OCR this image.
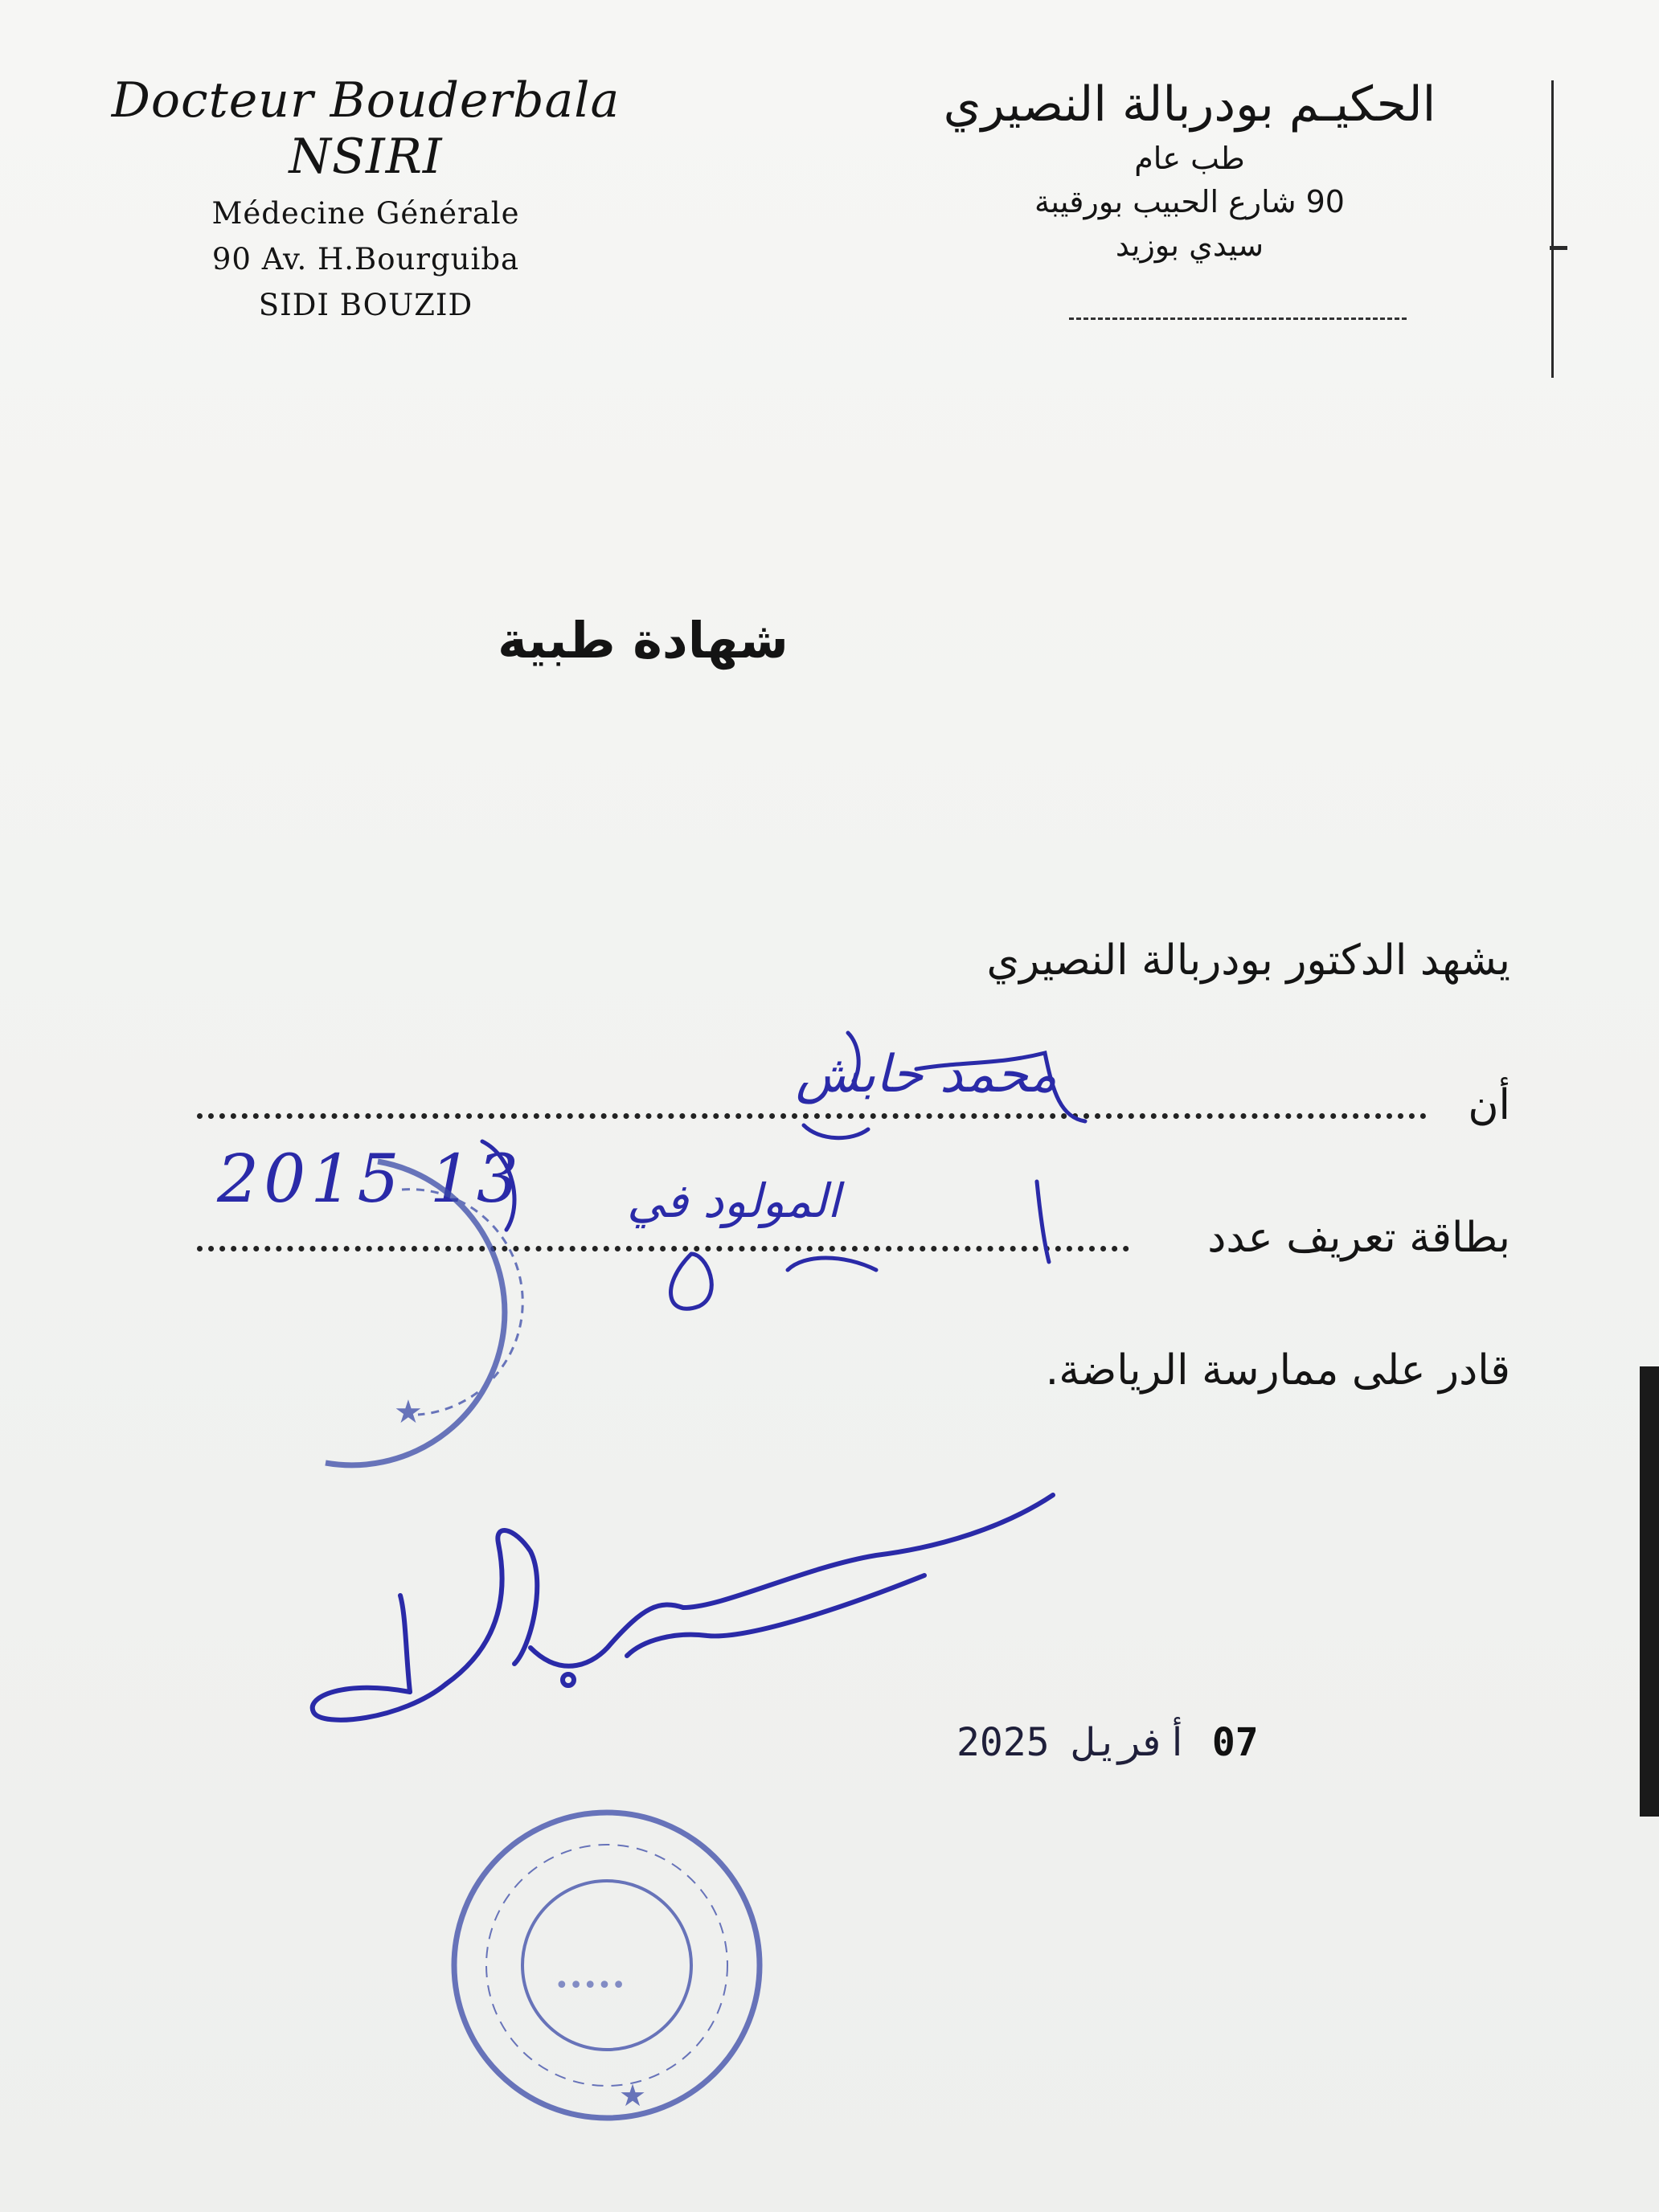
Docteur Bouderbala NSIRI
Médecine Générale
90 Av. H.Bourguiba
SIDI BOUZID
الحكيـم بودربالة النصيري
طب عام
90 شارع الحبيب بورقيبة
سيدي بوزيد
شهادة طبية
يشهد الدكتور بودربالة النصيري
أن
بطاقة تعريف عدد
قادر على ممارسة الرياضة.
محمد حابش
2015 13 المولود في
★
★
•••••
07 أفريل 2025
